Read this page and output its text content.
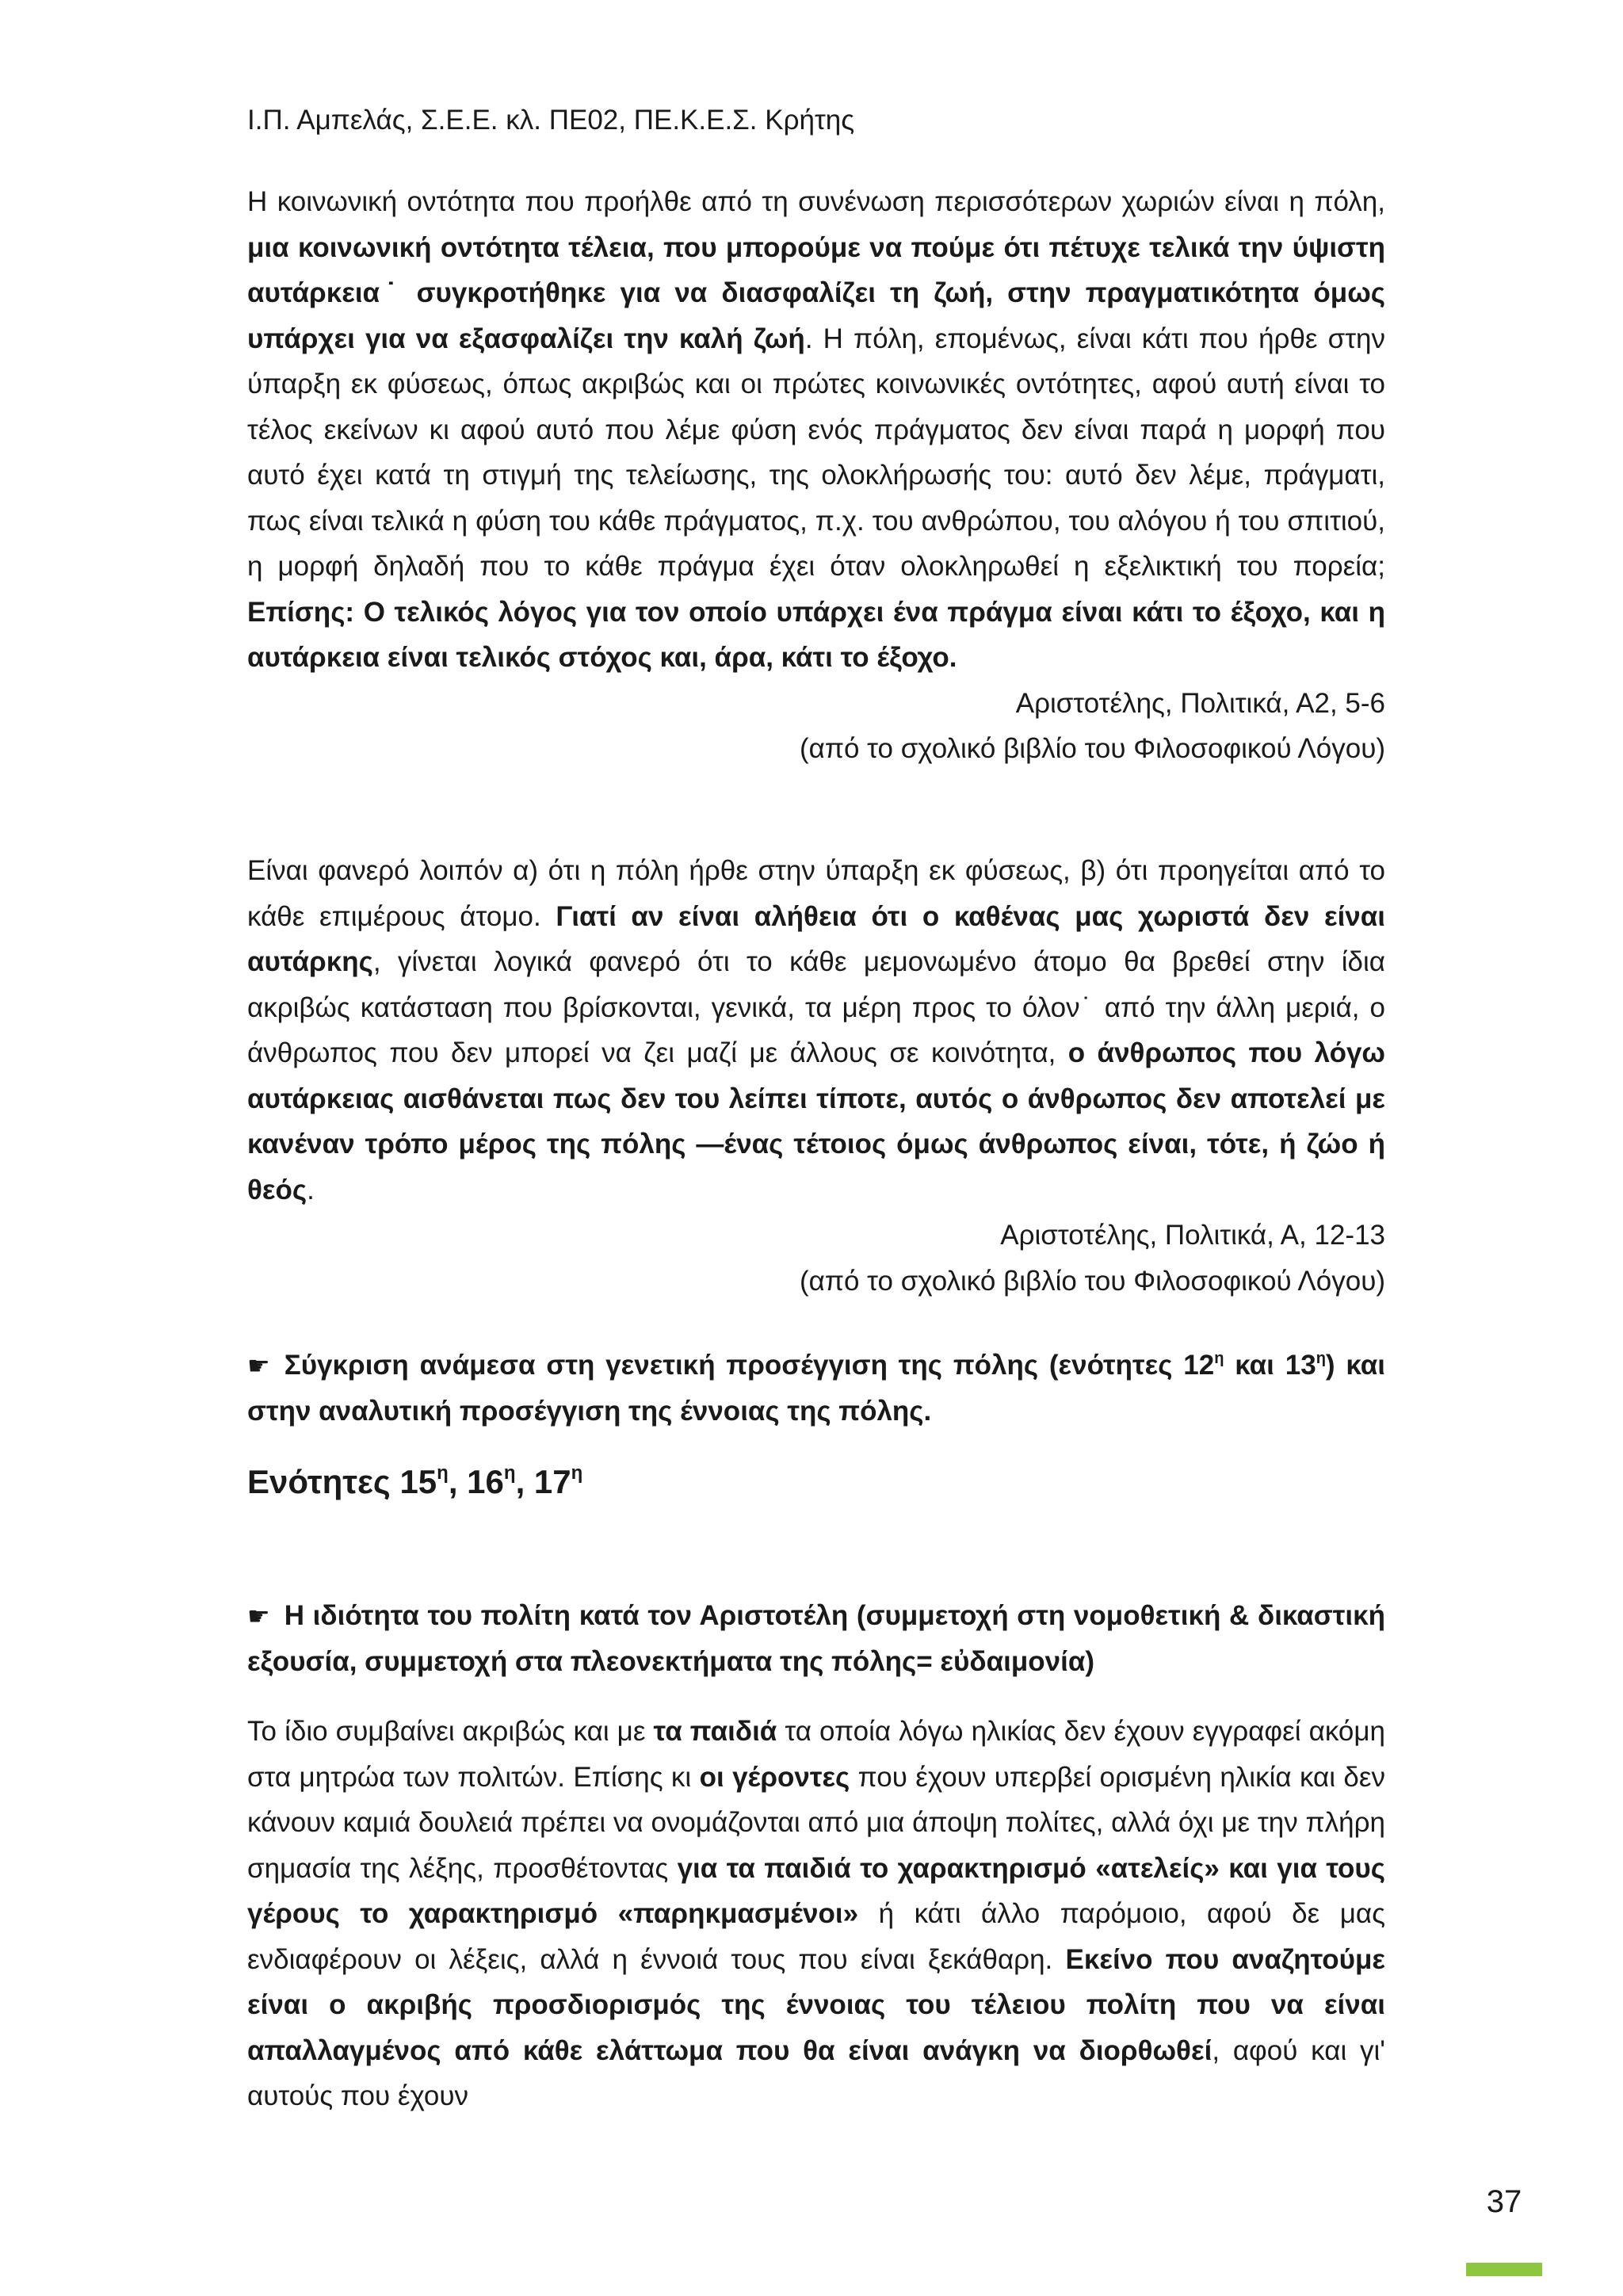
Ι.Π. Αμπελάς, Σ.Ε.Ε. κλ. ΠΕ02, ΠΕ.Κ.Ε.Σ. Κρήτης
Η κοινωνική οντότητα που προήλθε από τη συνένωση περισσότερων χωριών είναι η πόλη, μια κοινωνική οντότητα τέλεια, που μπορούμε να πούμε ότι πέτυχε τελικά την ύψιστη αυτάρκεια˙ συγκροτήθηκε για να διασφαλίζει τη ζωή, στην πραγματικότητα όμως υπάρχει για να εξασφαλίζει την καλή ζωή. Η πόλη, επομένως, είναι κάτι που ήρθε στην ύπαρξη εκ φύσεως, όπως ακριβώς και οι πρώτες κοινωνικές οντότητες, αφού αυτή είναι το τέλος εκείνων κι αφού αυτό που λέμε φύση ενός πράγματος δεν είναι παρά η μορφή που αυτό έχει κατά τη στιγμή της τελείωσης, της ολοκλήρωσής του: αυτό δεν λέμε, πράγματι, πως είναι τελικά η φύση του κάθε πράγματος, π.χ. του ανθρώπου, του αλόγου ή του σπιτιού, η μορφή δηλαδή που το κάθε πράγμα έχει όταν ολοκληρωθεί η εξελικτική του πορεία; Επίσης: Ο τελικός λόγος για τον οποίο υπάρχει ένα πράγμα είναι κάτι το έξοχο, και η αυτάρκεια είναι τελικός στόχος και, άρα, κάτι το έξοχο.
Αριστοτέλης, Πολιτικά, Α2, 5-6
(από το σχολικό βιβλίο του Φιλοσοφικού Λόγου)
Είναι φανερό λοιπόν α) ότι η πόλη ήρθε στην ύπαρξη εκ φύσεως, β) ότι προηγείται από το κάθε επιμέρους άτομο. Γιατί αν είναι αλήθεια ότι ο καθένας μας χωριστά δεν είναι αυτάρκης, γίνεται λογικά φανερό ότι το κάθε μεμονωμένο άτομο θα βρεθεί στην ίδια ακριβώς κατάσταση που βρίσκονται, γενικά, τα μέρη προς το όλον˙ από την άλλη μεριά, ο άνθρωπος που δεν μπορεί να ζει μαζί με άλλους σε κοινότητα, ο άνθρωπος που λόγω αυτάρκειας αισθάνεται πως δεν του λείπει τίποτε, αυτός ο άνθρωπος δεν αποτελεί με κανέναν τρόπο μέρος της πόλης —ένας τέτοιος όμως άνθρωπος είναι, τότε, ή ζώο ή θεός.
Αριστοτέλης, Πολιτικά, Α, 12-13
(από το σχολικό βιβλίο του Φιλοσοφικού Λόγου)
☛ Σύγκριση ανάμεσα στη γενετική προσέγγιση της πόλης (ενότητες $12^\eta$ και $13^\eta$) και στην αναλυτική προσέγγιση της έννοιας της πόλης.
Ενότητες $15^\eta$, $16^\eta$, $17^\eta$
☛ Η ιδιότητα του πολίτη κατά τον Αριστοτέλη (συμμετοχή στη νομοθετική & δικαστική εξουσία, συμμετοχή στα πλεονεκτήματα της πόλης= εὐδαιμονία)
Το ίδιο συμβαίνει ακριβώς και με τα παιδιά τα οποία λόγω ηλικίας δεν έχουν εγγραφεί ακόμη στα μητρώα των πολιτών. Επίσης κι οι γέροντες που έχουν υπερβεί ορισμένη ηλικία και δεν κάνουν καμιά δουλειά πρέπει να ονομάζονται από μια άποψη πολίτες, αλλά όχι με την πλήρη σημασία της λέξης, προσθέτοντας για τα παιδιά το χαρακτηρισμό «ατελείς» και για τους γέρους το χαρακτηρισμό «παρηκμασμένοι» ή κάτι άλλο παρόμοιο, αφού δε μας ενδιαφέρουν οι λέξεις, αλλά η έννοιά τους που είναι ξεκάθαρη. Εκείνο που αναζητούμε είναι ο ακριβής προσδιορισμός της έννοιας του τέλειου πολίτη που να είναι απαλλαγμένος από κάθε ελάττωμα που θα είναι ανάγκη να διορθωθεί, αφού και γι' αυτούς που έχουν
37
